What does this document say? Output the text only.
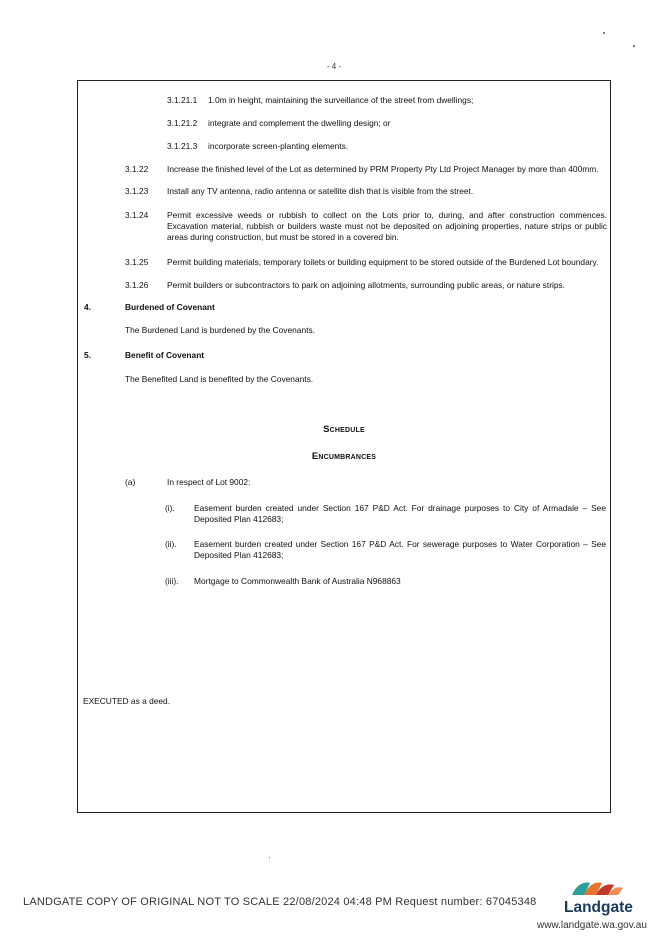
- 4 -
3.1.21.1 1.0m in height, maintaining the surveillance of the street from dwellings;
3.1.21.2 integrate and complement the dwelling design; or
3.1.21.3 incorporate screen-planting elements.
3.1.22 Increase the finished level of the Lot as determined by PRM Property Pty Ltd Project Manager by more than 400mm.
3.1.23 Install any TV antenna, radio antenna or satellite dish that is visible from the street.
3.1.24 Permit excessive weeds or rubbish to collect on the Lots prior to, during, and after construction commences. Excavation material, rubbish or builders waste must not be deposited on adjoining properties, nature strips or public areas during construction, but must be stored in a covered bin.
3.1.25 Permit building materials, temporary toilets or building equipment to be stored outside of the Burdened Lot boundary.
3.1.26 Permit builders or subcontractors to park on adjoining allotments, surrounding public areas, or nature strips.
4.	Burdened of Covenant
The Burdened Land is burdened by the Covenants.
5.	Benefit of Covenant
The Benefited Land is benefited by the Covenants.
Schedule
Encumbrances
(a)	In respect of Lot 9002:
(i). Easement burden created under Section 167 P&D Act. For drainage purposes to City of Armadale – See Deposited Plan 412683;
(ii). Easement burden created under Section 167 P&D Act. For sewerage purposes to Water Corporation – See Deposited Plan 412683;
(iii). Mortgage to Commonwealth Bank of Australia N968863
EXECUTED as a deed.
LANDGATE COPY OF ORIGINAL NOT TO SCALE 22/08/2024 04:48 PM Request number: 67045348 Landgate
www.landgate.wa.gov.au
